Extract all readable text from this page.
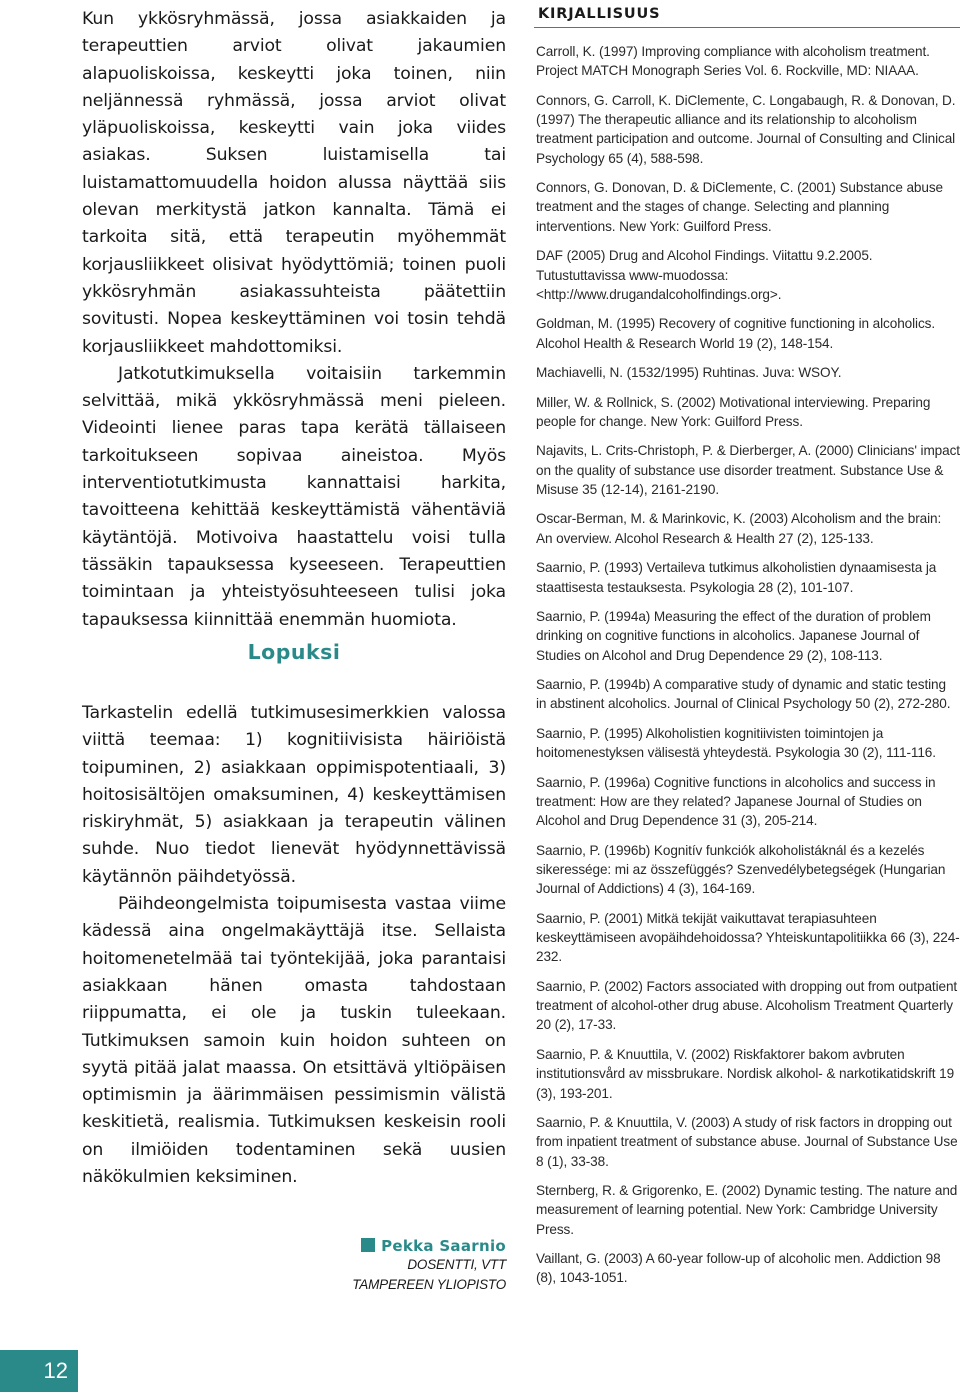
Kun ykkösryhmässä, jossa asiakkaiden ja terapeuttien arviot olivat jakaumien alapuoliskoissa, keskeytti joka toinen, niin neljännessä ryhmässä, jossa arviot olivat yläpuoliskoissa, keskeytti vain joka viides asiakas. Suksen luistamisella tai luistamattomuudella hoidon alussa näyttää siis olevan merkitystä jatkon kannalta. Tämä ei tarkoita sitä, että terapeutin myöhemmät korjausliikkeet olisivat hyödyttömiä; toinen puoli ykkösryhmän asiakassuhteista päätettiin sovitusti. Nopea keskeyttäminen voi tosin tehdä korjausliikkeet mahdottomiksi.

Jatkotutkimuksella voitaisiin tarkemmin selvittää, mikä ykkösryhmässä meni pieleen. Videointi lienee paras tapa kerätä tällaiseen tarkoitukseen sopivaa aineistoa. Myös interventiotutkimusta kannattaisi harkita, tavoitteena kehittää keskeyttämistä vähentäviä käytäntöjä. Motivoiva haastattelu voisi tulla tässäkin tapauksessa kyseeseen. Terapeuttien toimintaan ja yhteistyösuhteeseen tulisi joka tapauksessa kiinnittää enemmän huomiota.

Lopuksi

Tarkastelin edellä tutkimusesimerkkien valossa viittä teemaa: 1) kognitiivisista häiriöistä toipuminen, 2) asiakkaan oppimispotentiaali, 3) hoitosisältöjen omaksuminen, 4) keskeyttämisen riskiryhmät, 5) asiakkaan ja terapeutin välinen suhde. Nuo tiedot lienevät hyödynnettävissä käytännön päihdetyössä.

Päihdeongelmista toipumisesta vastaa viime kädessä aina ongelmakäyttäjä itse. Sellaista hoitomenetelmää tai työntekijää, joka parantaisi asiakkaan hänen omasta tahdostaan riippumatta, ei ole ja tuskin tuleekaan. Tutkimuksen samoin kuin hoidon suhteen on syytä pitää jalat maassa. On etsittävä yltiöpäisen optimismin ja äärimmäisen pessimismin välistä keskitietä, realismia. Tutkimuksen keskeisin rooli on ilmiöiden todentaminen sekä uusien näkökulmien keksiminen.

Pekka Saarnio
DOSENTTI, VTT
TAMPEREEN YLIOPISTO
KIRJALLISUUS
Carroll, K. (1997) Improving compliance with alcoholism treatment. Project MATCH Monograph Series Vol. 6. Rockville, MD: NIAAA.
Connors, G. Carroll, K. DiClemente, C. Longabaugh, R. & Donovan, D. (1997) The therapeutic alliance and its relationship to alcoholism treatment participation and outcome. Journal of Consulting and Clinical Psychology 65 (4), 588-598.
Connors, G. Donovan, D. & DiClemente, C. (2001) Substance abuse treatment and the stages of change. Selecting and planning interventions. New York: Guilford Press.
DAF (2005) Drug and Alcohol Findings. Viitattu 9.2.2005. Tutustuttavissa www-muodossa: <http://www.drugandalcoholfindings.org>.
Goldman, M. (1995) Recovery of cognitive functioning in alcoholics. Alcohol Health & Research World 19 (2), 148-154.
Machiavelli, N. (1532/1995) Ruhtinas. Juva: WSOY.
Miller, W. & Rollnick, S. (2002) Motivational interviewing. Preparing people for change. New York: Guilford Press.
Najavits, L. Crits-Christoph, P. & Dierberger, A. (2000) Clinicians' impact on the quality of substance use disorder treatment. Substance Use & Misuse 35 (12-14), 2161-2190.
Oscar-Berman, M. & Marinkovic, K. (2003) Alcoholism and the brain: An overview. Alcohol Research & Health 27 (2), 125-133.
Saarnio, P. (1993) Vertaileva tutkimus alkoholistien dynaamisesta ja staattisesta testauksesta. Psykologia 28 (2), 101-107.
Saarnio, P. (1994a) Measuring the effect of the duration of problem drinking on cognitive functions in alcoholics. Japanese Journal of Studies on Alcohol and Drug Dependence 29 (2), 108-113.
Saarnio, P. (1994b) A comparative study of dynamic and static testing in abstinent alcoholics. Journal of Clinical Psychology 50 (2), 272-280.
Saarnio, P. (1995) Alkoholistien kognitiivisten toimintojen ja hoitomenestyksen välisestä yhteydestä. Psykologia 30 (2), 111-116.
Saarnio, P. (1996a) Cognitive functions in alcoholics and success in treatment: How are they related? Japanese Journal of Studies on Alcohol and Drug Dependence 31 (3), 205-214.
Saarnio, P. (1996b) Kognitív funkciók alkoholistáknál és a kezelés sikeressége: mi az összefüggés? Szenvedélybetegségek (Hungarian Journal of Addictions) 4 (3), 164-169.
Saarnio, P. (2001) Mitkä tekijät vaikuttavat terapiasuhteen keskeyttämiseen avopäihdehoidossa? Yhteiskuntapolitiikka 66 (3), 224-232.
Saarnio, P. (2002) Factors associated with dropping out from outpatient treatment of alcohol-other drug abuse. Alcoholism Treatment Quarterly 20 (2), 17-33.
Saarnio, P. & Knuuttila, V. (2002) Riskfaktorer bakom avbruten institutionsvård av missbrukare. Nordisk alkohol- & narkotikatidskrift 19 (3), 193-201.
Saarnio, P. & Knuuttila, V. (2003) A study of risk factors in dropping out from inpatient treatment of substance abuse. Journal of Substance Use 8 (1), 33-38.
Sternberg, R. & Grigorenko, E. (2002) Dynamic testing. The nature and measurement of learning potential. New York: Cambridge University Press.
Vaillant, G. (2003) A 60-year follow-up of alcoholic men. Addiction 98 (8), 1043-1051.
12
